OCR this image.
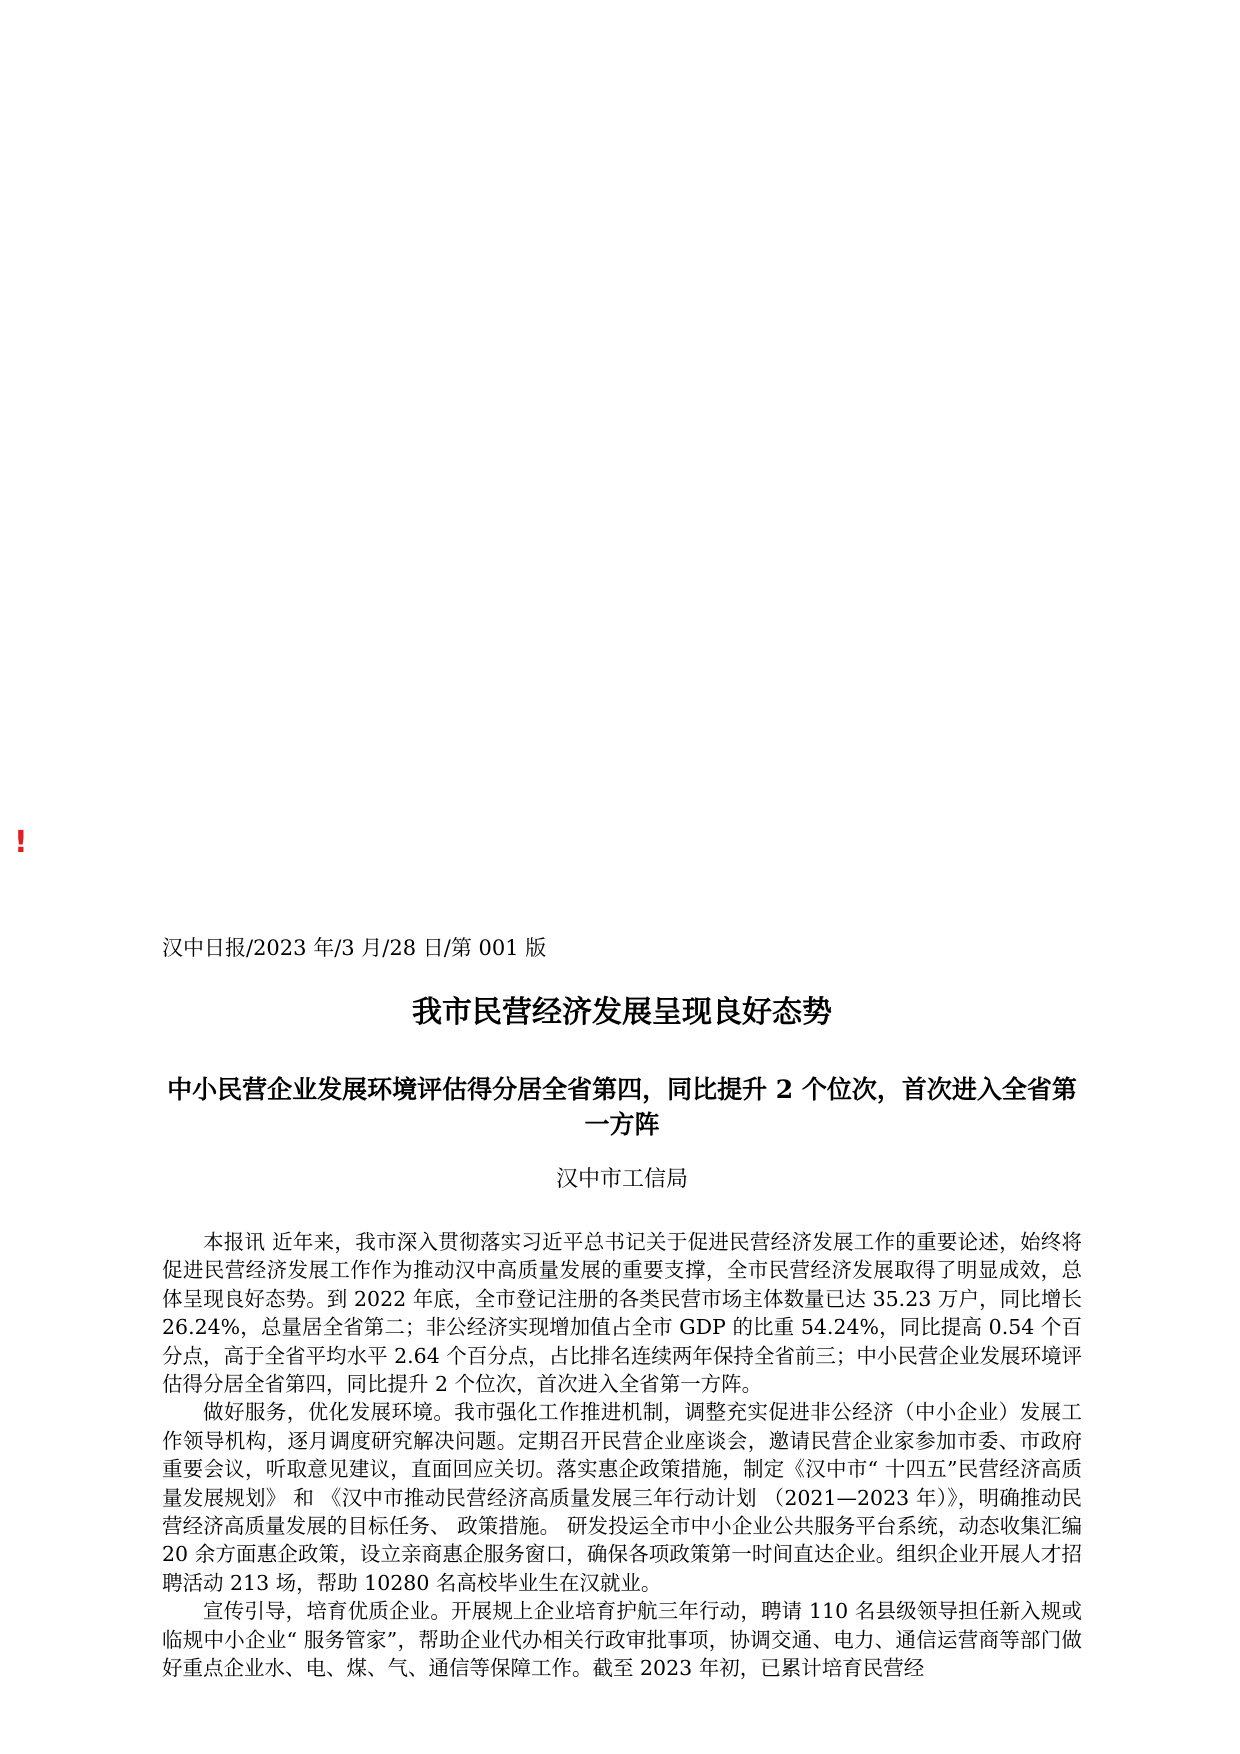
!
汉中日报/2023 年/3 月/28 日/第 001 版
我市民营经济发展呈现良好态势
中小民营企业发展环境评估得分居全省第四，同比提升 2 个位次，首次进入全省第一方阵
汉中市工信局

本报讯 近年来，我市深入贯彻落实习近平总书记关于促进民营经济发展工作的重要论述，始终将促进民营经济发展工作作为推动汉中高质量发展的重要支撑，全市民营经济发展取得了明显成效，总体呈现良好态势。到 2022 年底，全市登记注册的各类民营市场主体数量已达 35.23 万户，同比增长 26.24%，总量居全省第二；非公经济实现增加值占全市 GDP 的比重 54.24%，同比提高 0.54 个百分点，高于全省平均水平 2.64 个百分点，占比排名连续两年保持全省前三；中小民营企业发展环境评估得分居全省第四，同比提升 2 个位次，首次进入全省第一方阵。

做好服务，优化发展环境。我市强化工作推进机制，调整充实促进非公经济（中小企业）发展工作领导机构，逐月调度研究解决问题。定期召开民营企业座谈会，邀请民营企业家参加市委、市政府重要会议，听取意见建议，直面回应关切。落实惠企政策措施，制定《汉中市“ 十四五”民营经济高质量发展规划》 和 《汉中市推动民营经济高质量发展三年行动计划 （2021—2023 年）》，明确推动民营经济高质量发展的目标任务、 政策措施。 研发投运全市中小企业公共服务平台系统，动态收集汇编 20 余方面惠企政策，设立亲商惠企服务窗口，确保各项政策第一时间直达企业。组织企业开展人才招聘活动 213 场，帮助 10280 名高校毕业生在汉就业。

宣传引导，培育优质企业。开展规上企业培育护航三年行动，聘请 110 名县级领导担任新入规或临规中小企业“ 服务管家”，帮助企业代办相关行政审批事项，协调交通、电力、通信运营商等部门做好重点企业水、电、煤、气、通信等保障工作。截至 2023 年初，已累计培育民营经
